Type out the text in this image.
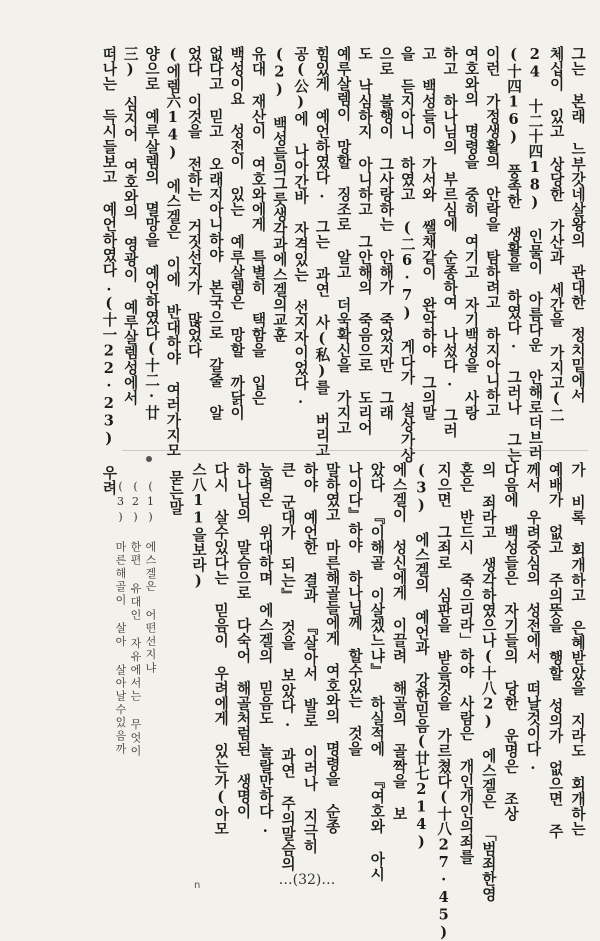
그는 본래 느부갓네살왕의 관대한 정치밑에서
체십이 있고 상당한 가산과 세간을 가지고(二
24 十二十四18) 인물이 아름다운 안해로더브러
(十四16) 풍족한 생활을 하였다. 그러나 그는
이런 가정생활의 안락을 탐하려고 하지아니하고
여호와의 명령을 중히 여기고 자기백성을 사랑
하고 하나님의 부르심에 순종하여 나섰다. 그러
고 백성들이 가서와 쌜채같이 완악하야 그의말
을 듣지아니 하였고 (二6·7) 게다가 설상가상
으로 불행이 그사랑하는 안해가 죽었지만 그래
도 낙심하지 아니하고 그안해의 죽음으로 도리어
예루살렘이 망할 징조로 알고 더욱확신을 가지고
힘있게 예언하였다. 그는 과연 사(私)를 버리고
공(公)에 나아간바 자격있는 선지자이었다.
(2) 백성들의그릇생각과에스겔의교훈
유대 재산이 여호와에게 특별히 택함을 입은
백성이요 성전이 있는 예루살렘은 망할 까닭이
없다고 믿고 오래지아니하야 본국으로 갈줄 알
었다 이것을 전하는 거짓선지가 많었다
(에렘六14) 에스겔은 이에 반대하야 여러가지모
양으로 예루살렘의 멸망을 예언하였다(十二·廿
三) 심지어 여호와의 영광이 예루살렘성에서
떠나는 득시들보고 예언하였다.(十一22·23) 우려
가 비록 회개하고 은혜받았을 지라도 회개하는
예배가 없고 주의뜻을 행할 성의가 없으면 주
께서 우려중심의 성전에서 떠날것이다.
다음에 백성들은 자기들의 당한 운명은 조상
의 죄라고 생각하였으나(十八2) 에스겔은 「범죄한영
혼은 반드시 죽으리라」하야 사람은 개인개인의죄를
지으면 그죄로 심판을 받을것을 가르쳤다(十八27·45)
(3) 에스겔의 예언과 강한믿음(廿七214)
에스겔이 성신에게 이끌려 해골의 골짝을 보
았다 『이해골 이살겠느냐』 하실적에 『여호와 아시
나이다』하야 하나님께 할수있는 것을
말하였고 마른해골들에게 여호와의 명령을 순종
하야 예언한 결과 『살아서 발로 이러나 지극히
큰 군대가 되는』 것을 보았다. 과연 주의말슴의
능력은 위대하며 에스겔의 믿음도 놀랄만하다.
하나님의 말슴으로 다숙어 해골처럼된 생명이
다시 살수있다는 믿음이 우려에게 있는가(아모
스八11을보라)
묻는말
(1) 에스겔은 어떤선지냐
(2) 한편 유대인 자유에서는 무엇이
(3) 마른해골이 살아 살아날수있음까
n	…(32)…
